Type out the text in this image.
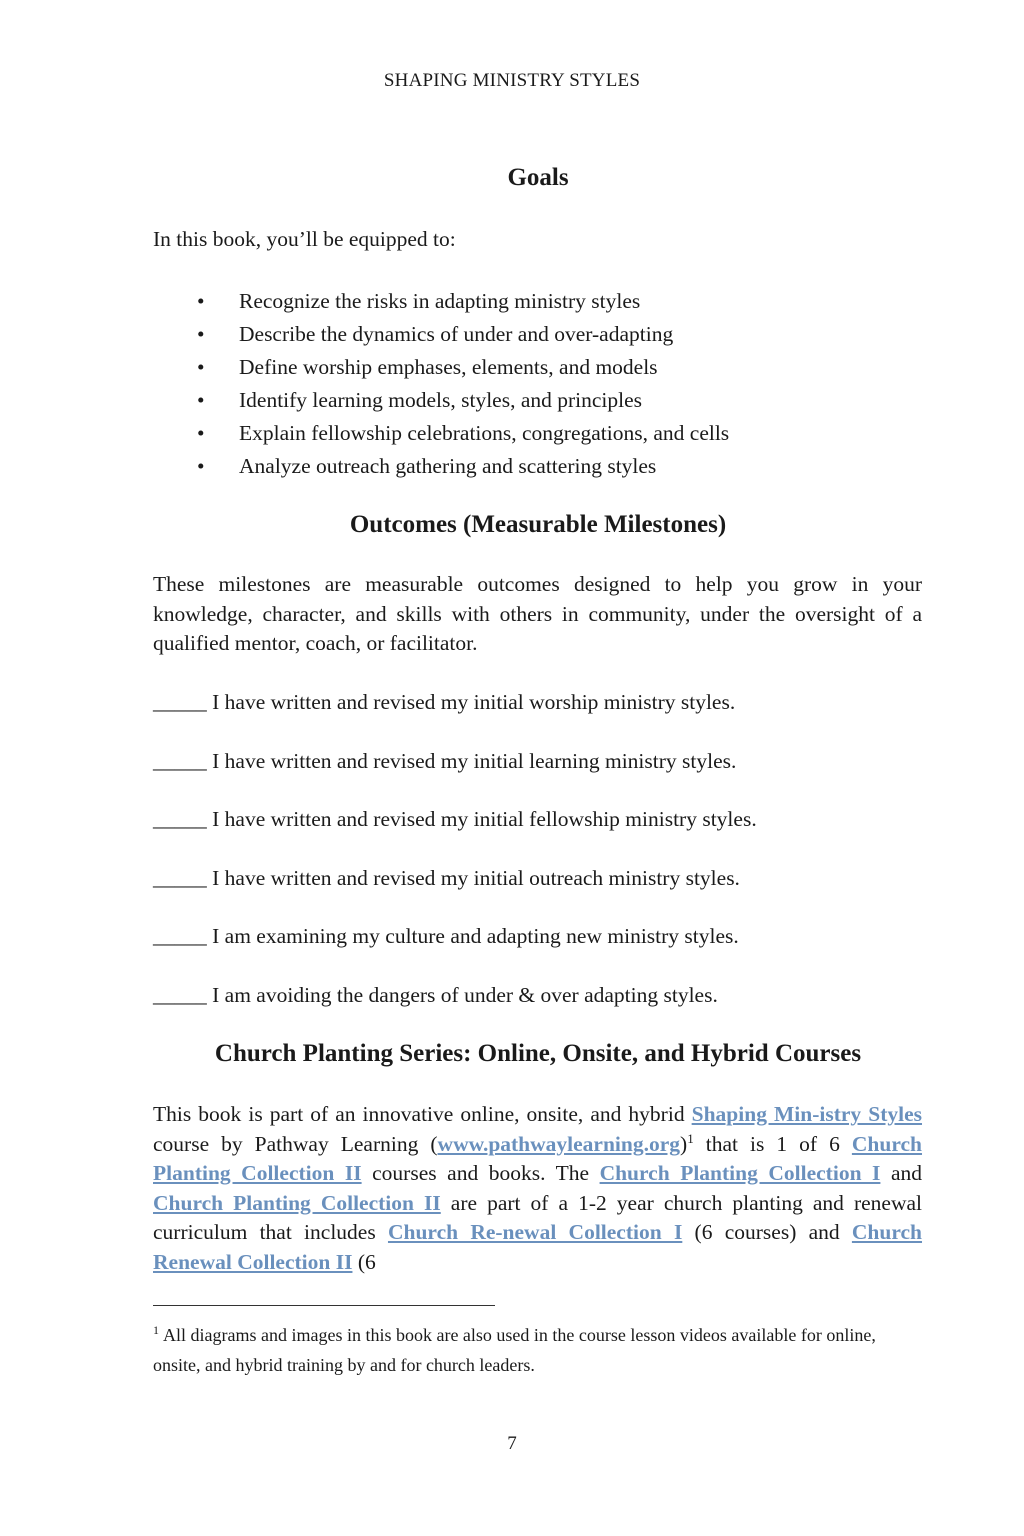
SHAPING MINISTRY STYLES
Goals

In this book, you’ll be equipped to:

• Recognize the risks in adapting ministry styles
• Describe the dynamics of under and over-adapting
• Define worship emphases, elements, and models
• Identify learning models, styles, and principles
• Explain fellowship celebrations, congregations, and cells
• Analyze outreach gathering and scattering styles
Outcomes (Measurable Milestones)

These milestones are measurable outcomes designed to help you grow in your knowledge, character, and skills with others in community, under the oversight of a qualified mentor, coach, or facilitator.

_____ I have written and revised my initial worship ministry styles.

_____ I have written and revised my initial learning ministry styles.

_____ I have written and revised my initial fellowship ministry styles.

_____ I have written and revised my initial outreach ministry styles.

_____ I am examining my culture and adapting new ministry styles.

_____ I am avoiding the dangers of under & over adapting styles.

Church Planting Series: Online, Onsite, and Hybrid Courses

This book is part of an innovative online, onsite, and hybrid Shaping Min-istry Styles course by Pathway Learning (www.pathwaylearning.org)$^1$ that is 1 of 6 Church Planting Collection II courses and books. The Church Planting Collection I and Church Planting Collection II are part of a 1-2 year church planting and renewal curriculum that includes Church Re-newal Collection I (6 courses) and Church Renewal Collection II (6

$^1$ All diagrams and images in this book are also used in the course lesson videos available for online, onsite, and hybrid training by and for church leaders.

7
